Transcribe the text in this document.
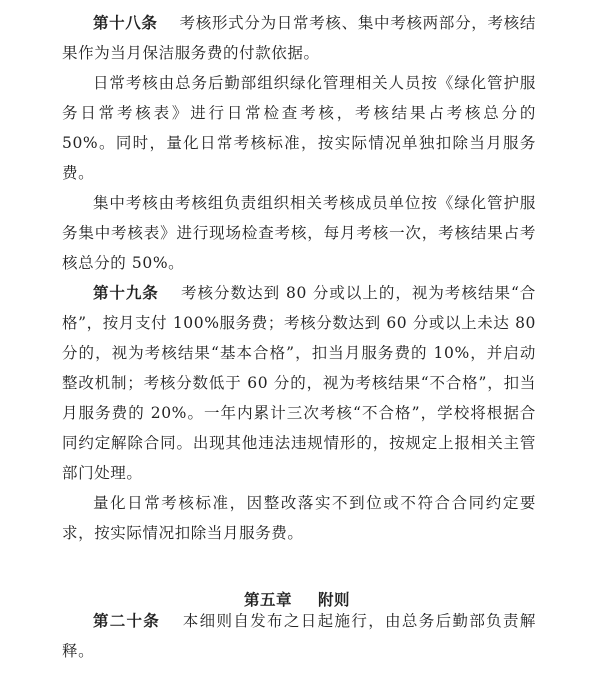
第十八条 考核形式分为日常考核、集中考核两部分，考核结果作为当月保洁服务费的付款依据。

日常考核由总务后勤部组织绿化管理相关人员按《绿化管护服务日常考核表》进行日常检查考核，考核结果占考核总分的 50%。同时，量化日常考核标准，按实际情况单独扣除当月服务费。

集中考核由考核组负责组织相关考核成员单位按《绿化管护服务集中考核表》进行现场检查考核，每月考核一次，考核结果占考核总分的 50%。

第十九条 考核分数达到 80 分或以上的，视为考核结果“合格”，按月支付 100%服务费；考核分数达到 60 分或以上未达 80 分的，视为考核结果“基本合格”，扣当月服务费的 10%，并启动整改机制；考核分数低于 60 分的，视为考核结果“不合格”，扣当月服务费的 20%。一年内累计三次考核“不合格”，学校将根据合同约定解除合同。出现其他违法违规情形的，按规定上报相关主管部门处理。

量化日常考核标准，因整改落实不到位或不符合合同约定要求，按实际情况扣除当月服务费。

第五章 附则

第二十条 本细则自发布之日起施行，由总务后勤部负责解释。
